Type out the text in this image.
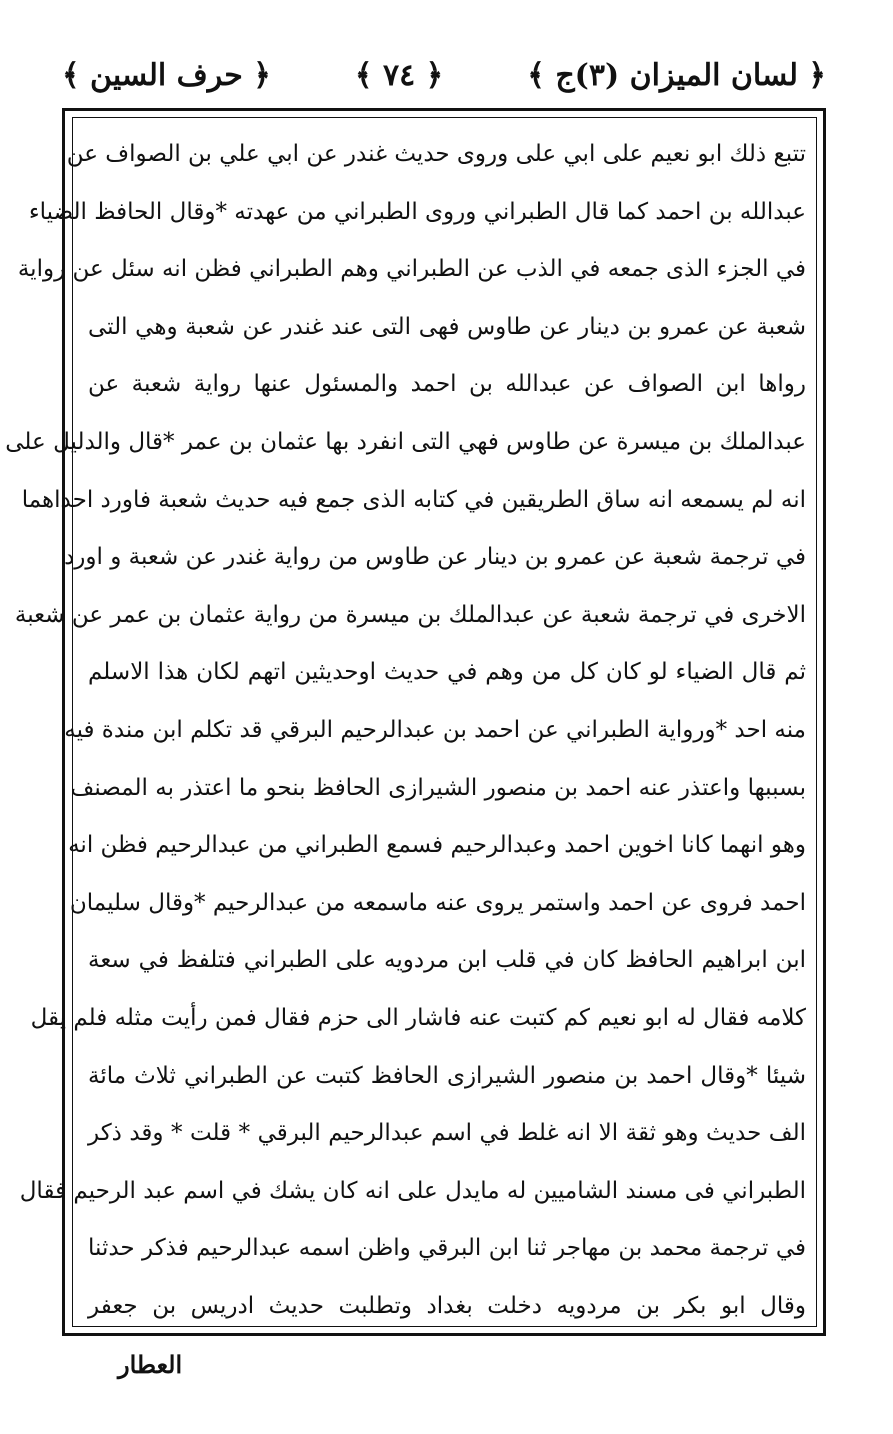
﴿ لسان الميزان (٣)ج ﴾
﴿ ٧٤ ﴾
﴿ حرف السين ﴾
تتبع ذلك ابو نعيم على ابي على وروى حديث غندر عن ابي علي بن الصواف عن
عبدالله بن احمد كما قال الطبراني وروى الطبراني من عهدته *وقال الحافظ الضياء
في الجزء الذى جمعه في الذب عن الطبراني وهم الطبراني فظن انه سئل عن رواية
شعبة عن عمرو بن دينار عن طاوس فهى التى عند غندر عن شعبة وهي التى
رواها ابن الصواف عن عبدالله بن احمد والمسئول عنها رواية شعبة عن
عبدالملك بن ميسرة عن طاوس فهي التى انفرد بها عثمان بن عمر *قال والدليل على
انه لم يسمعه انه ساق الطريقين في كتابه الذى جمع فيه حديث شعبة فاورد احداهما
في ترجمة شعبة عن عمرو بن دينار عن طاوس من رواية غندر عن شعبة و اورد
الاخرى في ترجمة شعبة عن عبدالملك بن ميسرة من رواية عثمان بن عمر عن شعبة
ثم قال الضياء لو كان كل من وهم في حديث اوحديثين اتهم لكان هذا الاسلم
منه احد *ورواية الطبراني عن احمد بن عبدالرحيم البرقي قد تكلم ابن مندة فيه
بسببها واعتذر عنه احمد بن منصور الشيرازى الحافظ بنحو ما اعتذر به المصنف
وهو انهما كانا اخوين احمد وعبدالرحيم فسمع الطبراني من عبدالرحيم فظن انه
احمد فروى عن احمد واستمر يروى عنه ماسمعه من عبدالرحيم *وقال سليمان
ابن ابراهيم الحافظ كان في قلب ابن مردويه على الطبراني فتلفظ في سعة
كلامه فقال له ابو نعيم كم كتبت عنه فاشار الى حزم فقال فمن رأيت مثله فلم يقل
شيئا *وقال احمد بن منصور الشيرازى الحافظ كتبت عن الطبراني ثلاث مائة
الف حديث وهو ثقة الا انه غلط في اسم عبدالرحيم البرقي * قلت * وقد ذكر
الطبراني فى مسند الشاميين له مايدل على انه كان يشك في اسم عبد الرحيم فقال
في ترجمة محمد بن مهاجر ثنا ابن البرقي واظن اسمه عبدالرحيم فذكر حدثنا
وقال ابو بكر بن مردويه دخلت بغداد وتطلبت حديث ادريس بن جعفر
العطار
